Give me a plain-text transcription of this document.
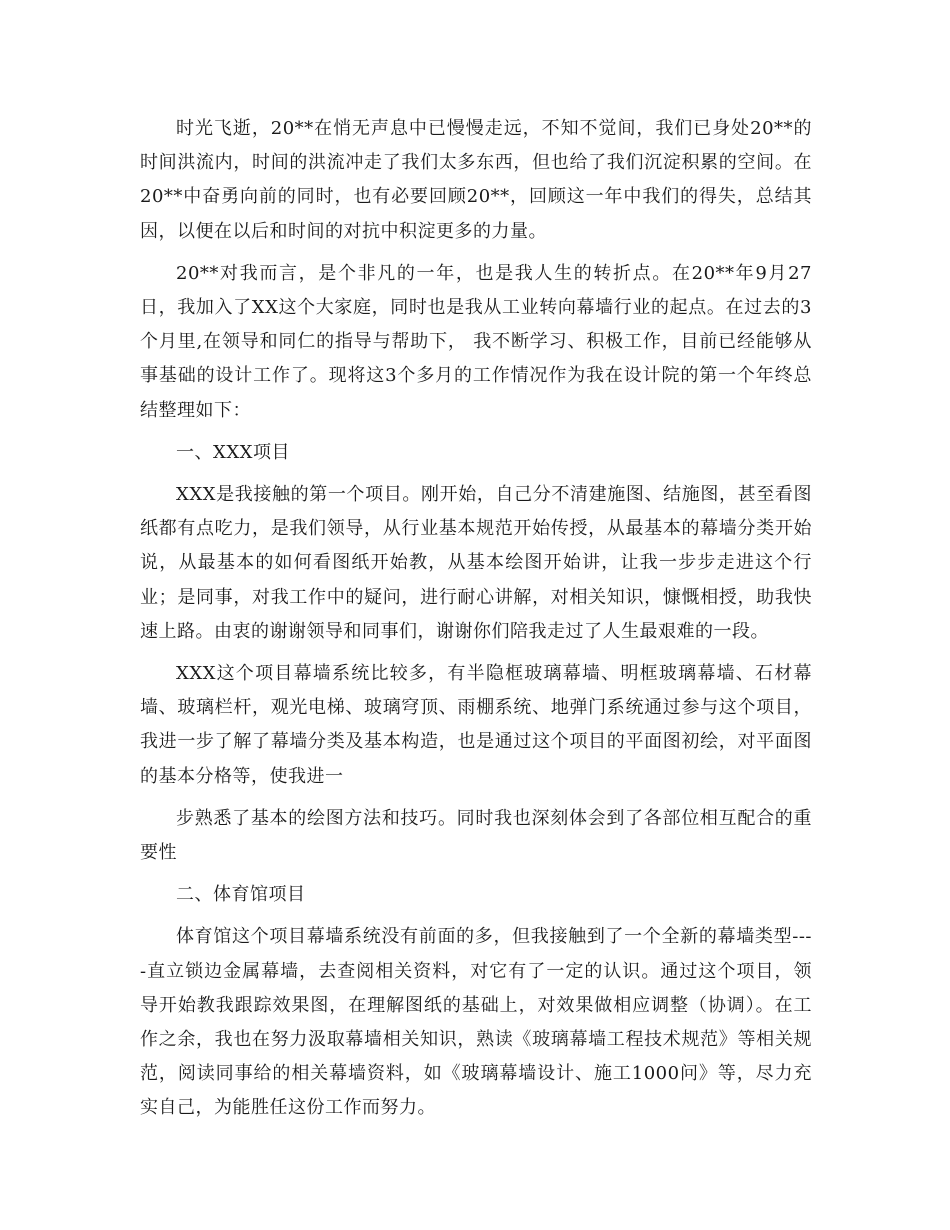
时光飞逝，20**在悄无声息中已慢慢走远，不知不觉间，我们已身处20**的时间洪流内，时间的洪流冲走了我们太多东西，但也给了我们沉淀积累的空间。在20**中奋勇向前的同时，也有必要回顾20**，回顾这一年中我们的得失，总结其因，以便在以后和时间的对抗中积淀更多的力量。

20**对我而言，是个非凡的一年，也是我人生的转折点。在20**年9月27日，我加入了XX这个大家庭，同时也是我从工业转向幕墙行业的起点。在过去的3个月里,在领导和同仁的指导与帮助下， 我不断学习、积极工作，目前已经能够从事基础的设计工作了。现将这3个多月的工作情况作为我在设计院的第一个年终总结整理如下：

一、XXX项目

XXX是我接触的第一个项目。刚开始，自己分不清建施图、结施图，甚至看图纸都有点吃力，是我们领导，从行业基本规范开始传授，从最基本的幕墙分类开始说，从最基本的如何看图纸开始教，从基本绘图开始讲，让我一步步走进这个行业；是同事，对我工作中的疑问，进行耐心讲解，对相关知识，慷慨相授，助我快速上路。由衷的谢谢领导和同事们，谢谢你们陪我走过了人生最艰难的一段。

XXX这个项目幕墙系统比较多，有半隐框玻璃幕墙、明框玻璃幕墙、石材幕墙、玻璃栏杆，观光电梯、玻璃穹顶、雨棚系统、地弹门系统通过参与这个项目，我进一步了解了幕墙分类及基本构造，也是通过这个项目的平面图初绘，对平面图的基本分格等，使我进一

步熟悉了基本的绘图方法和技巧。同时我也深刻体会到了各部位相互配合的重要性

二、体育馆项目

体育馆这个项目幕墙系统没有前面的多，但我接触到了一个全新的幕墙类型----直立锁边金属幕墙，去查阅相关资料，对它有了一定的认识。通过这个项目，领导开始教我跟踪效果图，在理解图纸的基础上，对效果做相应调整（协调）。在工作之余，我也在努力汲取幕墙相关知识，熟读《玻璃幕墙工程技术规范》等相关规范，阅读同事给的相关幕墙资料，如《玻璃幕墙设计、施工1000问》等，尽力充实自己，为能胜任这份工作而努力。
